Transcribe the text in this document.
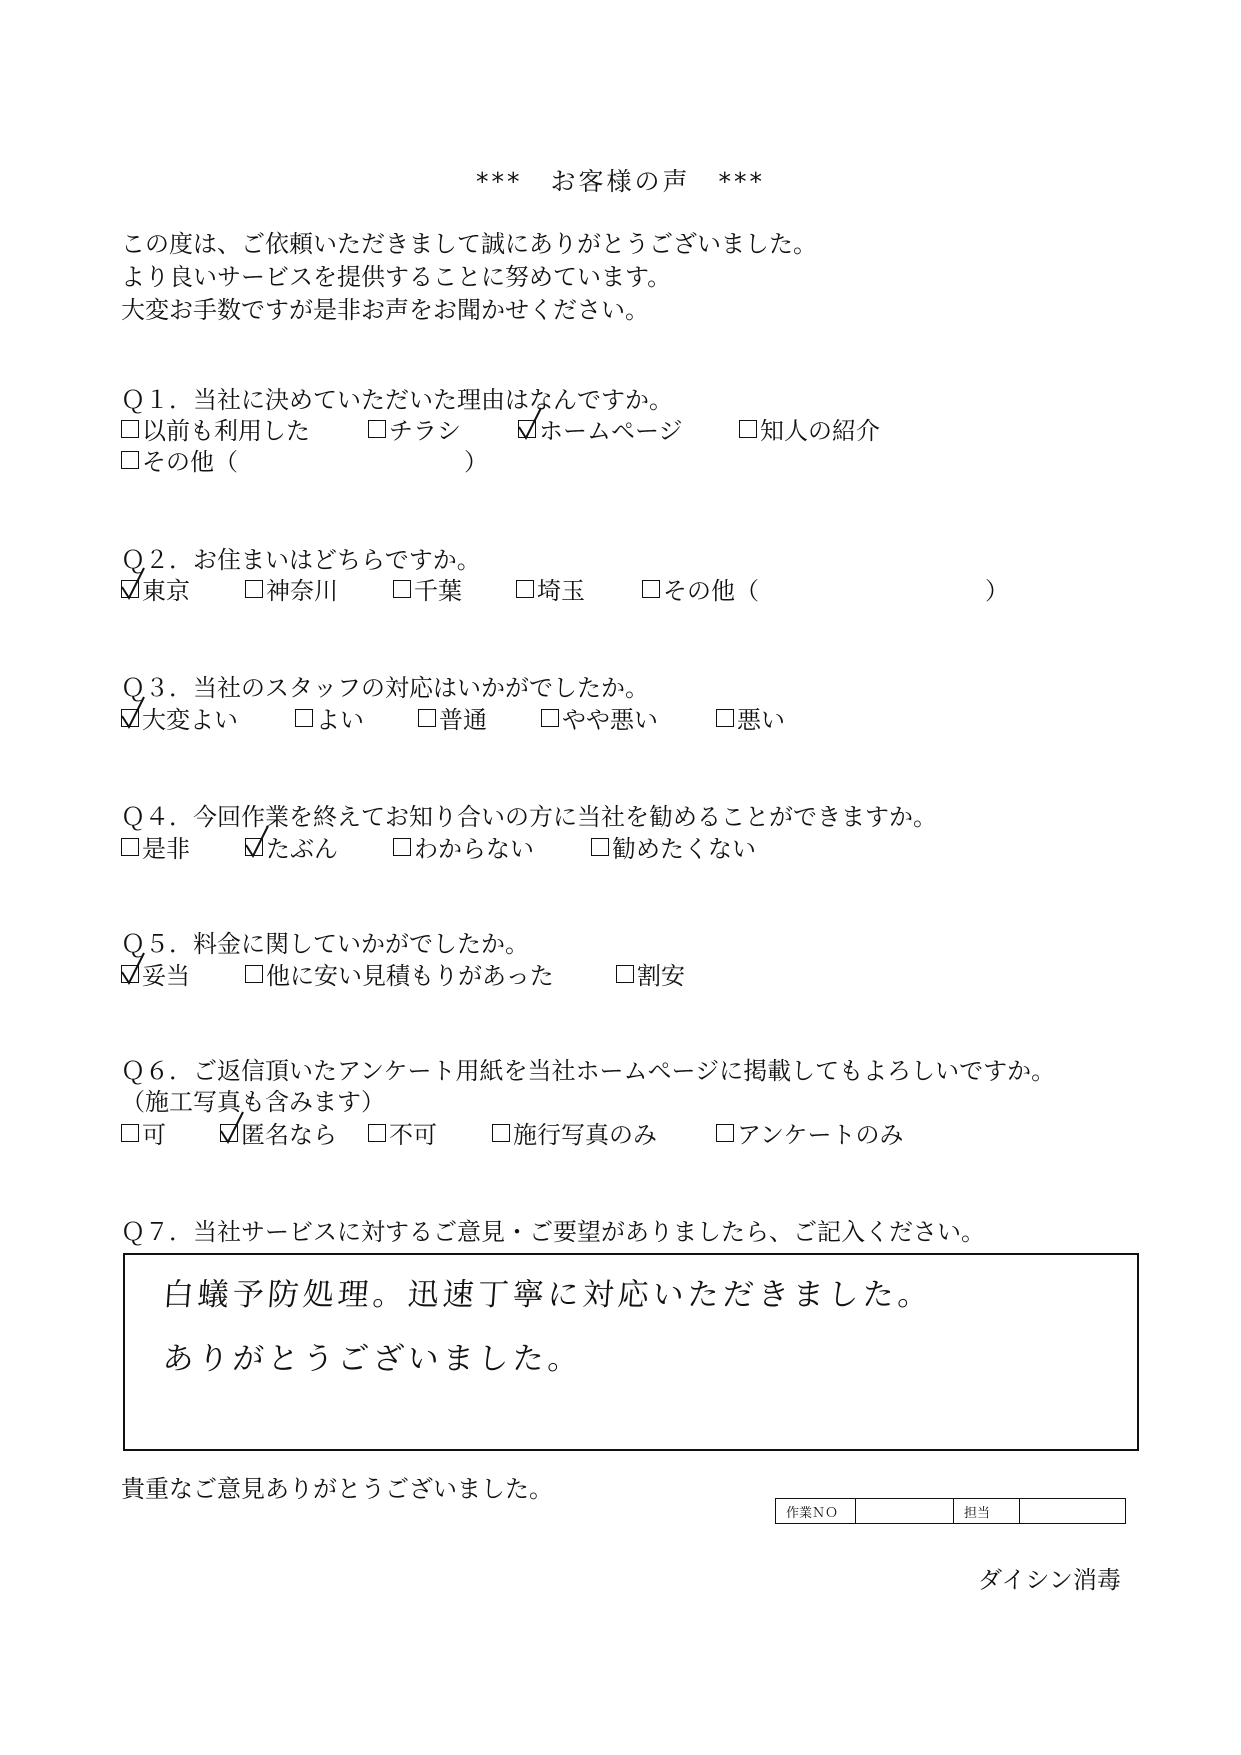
***　お客様の声　***
この度は、ご依頼いただきまして誠にありがとうございました。
より良いサービスを提供することに努めています。
大変お手数ですが是非お声をお聞かせください。
Ｑ１．当社に決めていただいた理由はなんですか。
以前も利用した	チラシ	ホームページ	知人の紹介
その他（	）
Ｑ２．お住まいはどちらですか。
東京	神奈川	千葉	埼玉	その他（	）
Ｑ３．当社のスタッフの対応はいかがでしたか。
大変よい	よい	普通	やや悪い	悪い
Ｑ４．今回作業を終えてお知り合いの方に当社を勧めることができますか。
是非	たぶん	わからない	勧めたくない
Ｑ５．料金に関していかがでしたか。
妥当	他に安い見積もりがあった	割安
Ｑ６．ご返信頂いたアンケート用紙を当社ホームページに掲載してもよろしいですか。
（施工写真も含みます）
可	匿名なら 不可	施行写真のみ	アンケートのみ
Ｑ７．当社サービスに対するご意見・ご要望がありましたら、ご記入ください。
白蟻予防処理。迅速丁寧に対応いただきました。
ありがとうございました。
貴重なご意見ありがとうございました。
作業ＮＯ	担当
ダイシン消毒
